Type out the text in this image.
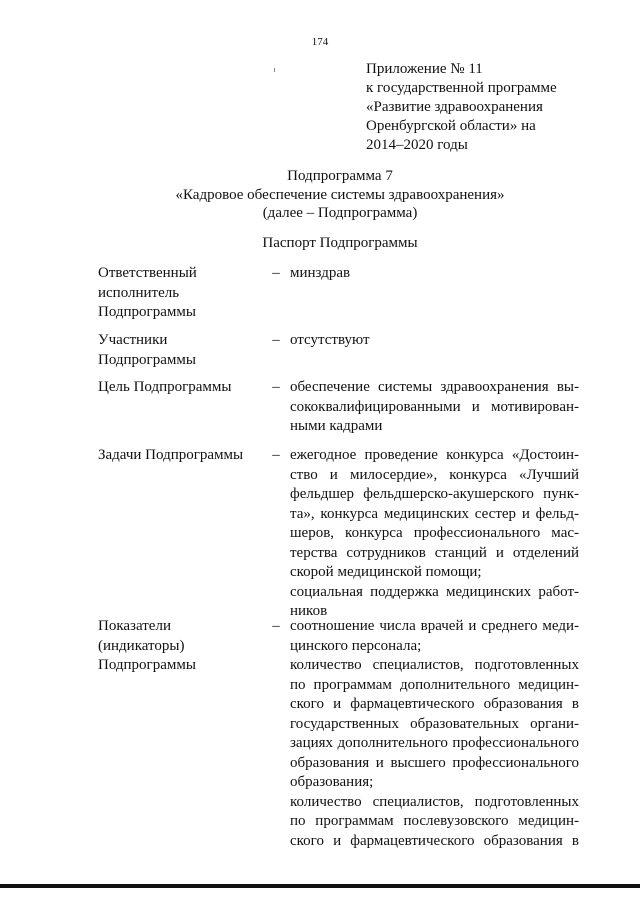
174
Приложение № 11
к государственной программе
«Развитие здравоохранения
Оренбургской области» на
2014–2020 годы
Подпрограмма 7
«Кадровое обеспечение системы здравоохранения»
(далее – Подпрограмма)
Паспорт Подпрограммы
Ответственный
исполнитель
Подпрограммы
– минздрав
Участники
Подпрограммы
– отсутствуют
Цель Подпрограммы	– обеспечение системы здравоохранения вы-
сококвалифицированными и мотивирован-
ными кадрами
Задачи Подпрограммы	– ежегодное проведение конкурса «Достоин-
ство и милосердие», конкурса «Лучший
фельдшер фельдшерско-акушерского пунк-
та», конкурса медицинских сестер и фельд-
шеров, конкурса профессионального мас-
терства сотрудников станций и отделений
скорой медицинской помощи;
социальная поддержка медицинских работ-
ников
Показатели
(индикаторы)
Подпрограммы
– соотношение числа врачей и среднего меди-
цинского персонала;
количество специалистов, подготовленных
по программам дополнительного медицин-
ского и фармацевтического образования в
государственных образовательных органи-
зациях дополнительного профессионального
образования и высшего профессионального
образования;
количество специалистов, подготовленных
по программам послевузовского медицин-
ского и фармацевтического образования в
